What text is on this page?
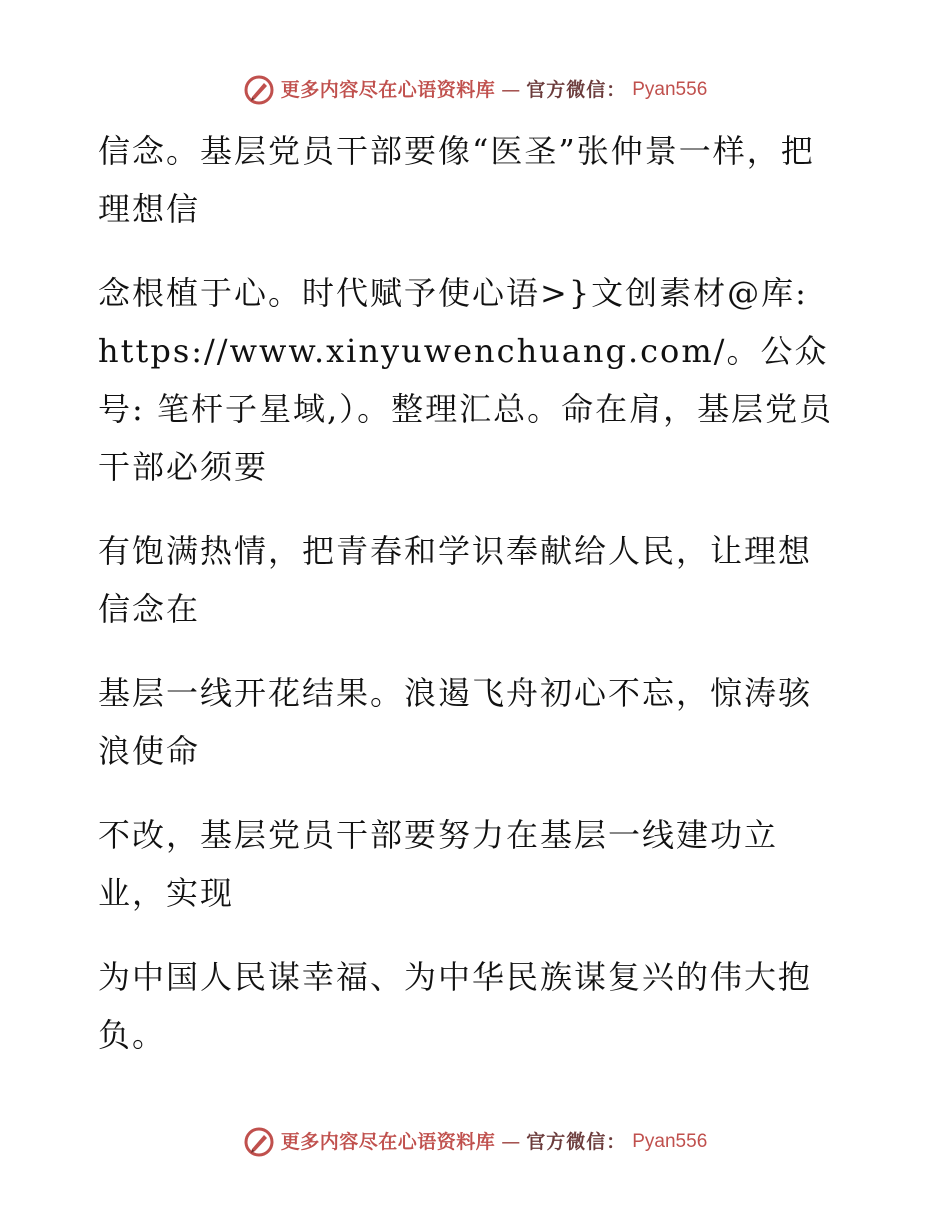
更多内容尽在心语资料库 — 官方微信： Pyan556

信念。基层党员干部要像“医圣”张仲景一样，把理想信

念根植于心。时代赋予使心语>}文创素材@库: https://www.xinyuwenchuang.com/。公众号: 笔杆子星域,）。整理汇总。命在肩，基层党员干部必须要

有饱满热情，把青春和学识奉献给人民，让理想信念在

基层一线开花结果。浪遏飞舟初心不忘，惊涛骇浪使命

不改，基层党员干部要努力在基层一线建功立业，实现

为中国人民谋幸福、为中华民族谋复兴的伟大抱负。

更多内容尽在心语资料库 — 官方微信： Pyan556
